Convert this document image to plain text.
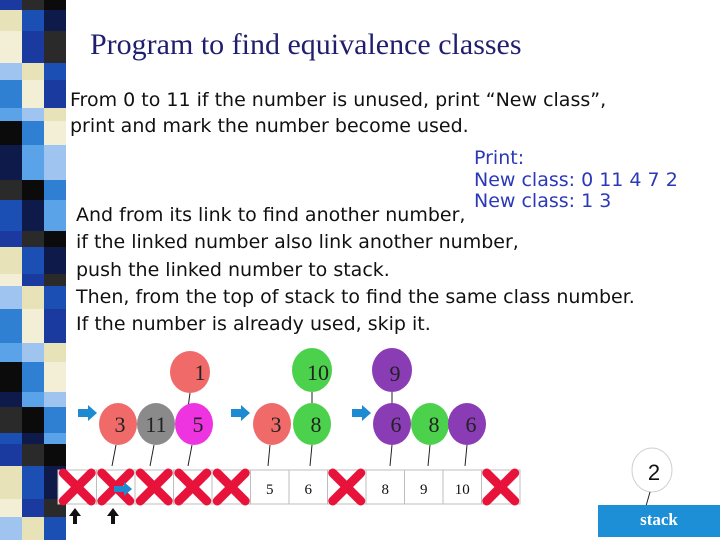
Program to find equivalence classes
From 0 to 11 if the number is unused, print “New class”,
print and mark the number become used.
Print:
New class: 0 11 4 7 2
New class: 1 3
And from its link to find another number,
if the linked number also link another number,
push the linked number to stack.
Then, from the top of stack to find the same class number.
If the number is already used, skip it.
1	10	9
3 11 5	3 8	6 8 6
5 6	8 9 10
2
stack
